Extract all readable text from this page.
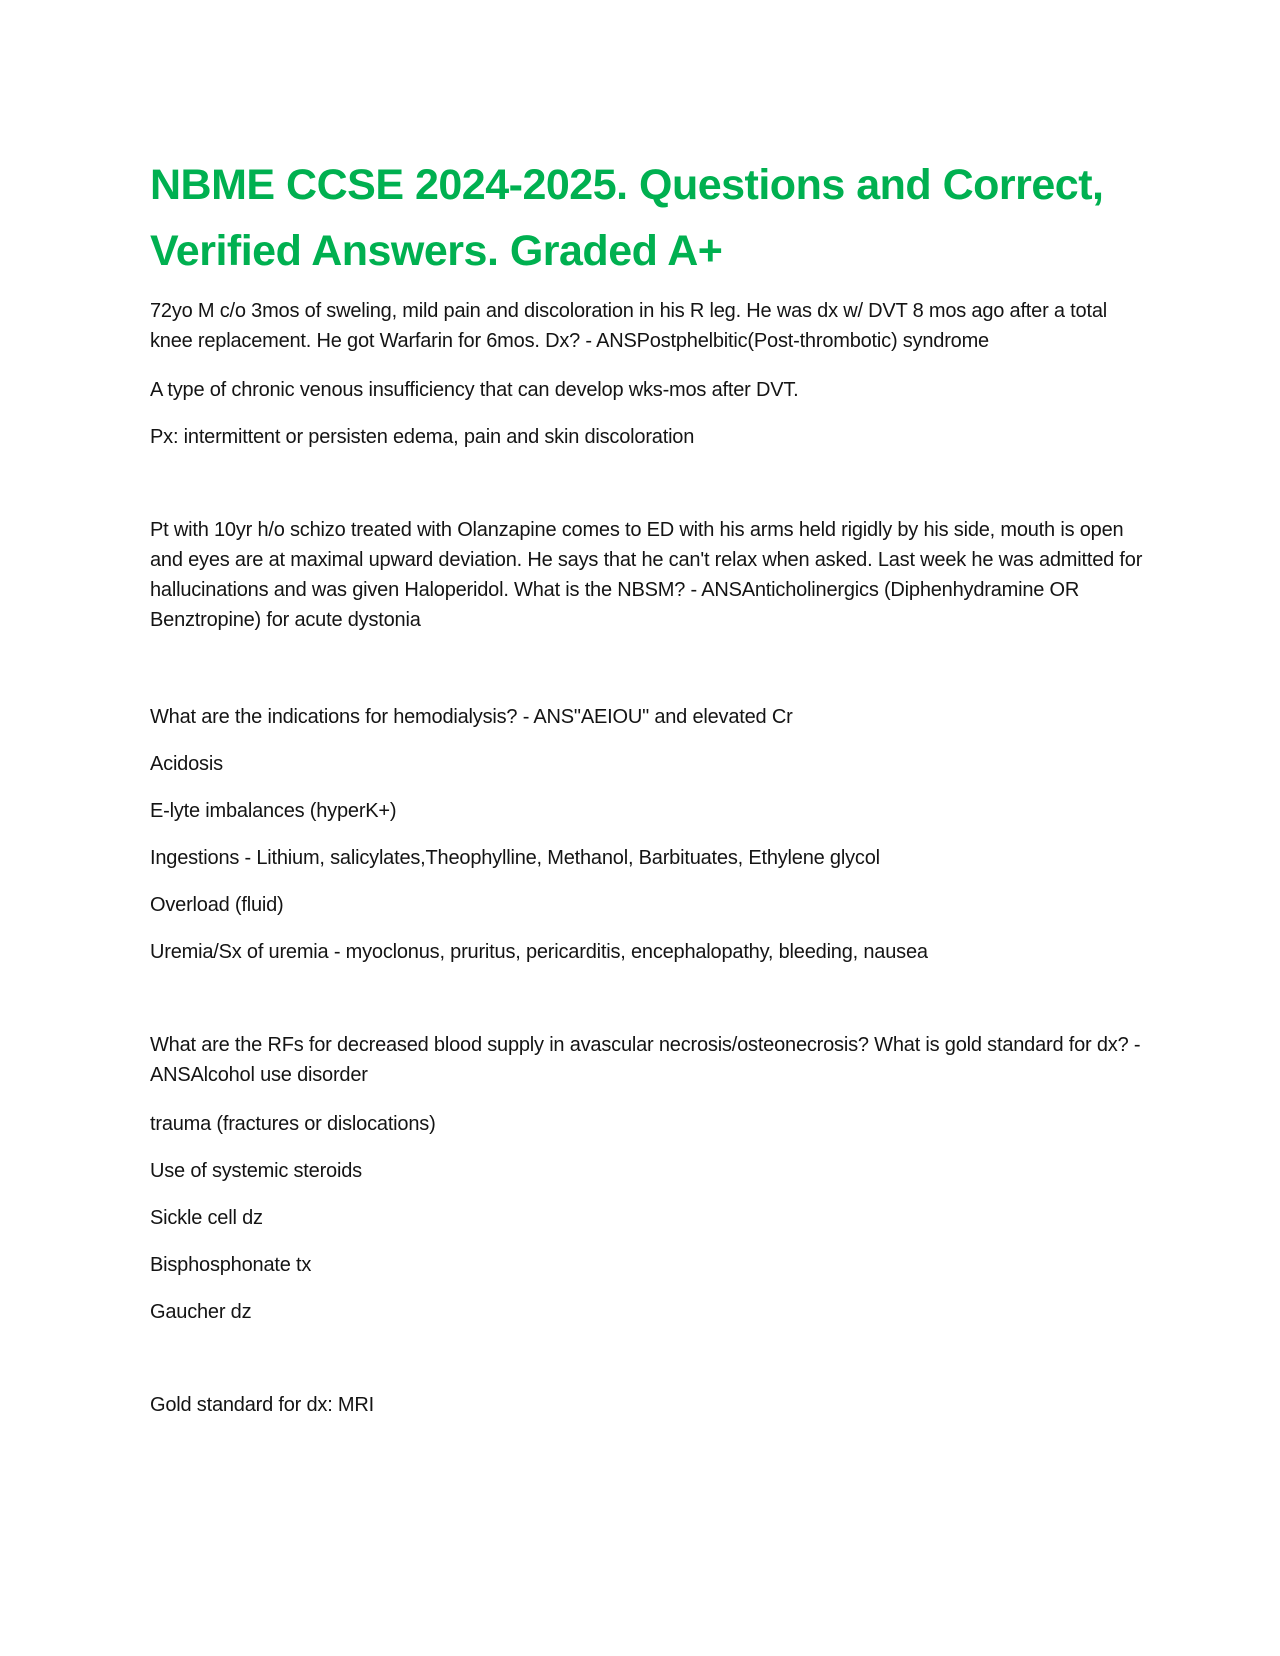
NBME CCSE 2024-2025. Questions and Correct, Verified Answers. Graded A+

72yo M c/o 3mos of sweling, mild pain and discoloration in his R leg. He was dx w/ DVT 8 mos ago after a total knee replacement. He got Warfarin for 6mos. Dx? - ANSPostphelbitic(Post-thrombotic) syndrome

A type of chronic venous insufficiency that can develop wks-mos after DVT.

Px: intermittent or persisten edema, pain and skin discoloration

Pt with 10yr h/o schizo treated with Olanzapine comes to ED with his arms held rigidly by his side, mouth is open and eyes are at maximal upward deviation. He says that he can't relax when asked. Last week he was admitted for hallucinations and was given Haloperidol. What is the NBSM? - ANSAnticholinergics (Diphenhydramine OR Benztropine) for acute dystonia

What are the indications for hemodialysis? - ANS"AEIOU" and elevated Cr

Acidosis

E-lyte imbalances (hyperK+)

Ingestions - Lithium, salicylates,Theophylline, Methanol, Barbituates, Ethylene glycol

Overload (fluid)

Uremia/Sx of uremia - myoclonus, pruritus, pericarditis, encephalopathy, bleeding, nausea

What are the RFs for decreased blood supply in avascular necrosis/osteonecrosis? What is gold standard for dx? - ANSAlcohol use disorder

trauma (fractures or dislocations)

Use of systemic steroids

Sickle cell dz

Bisphosphonate tx

Gaucher dz

Gold standard for dx: MRI
